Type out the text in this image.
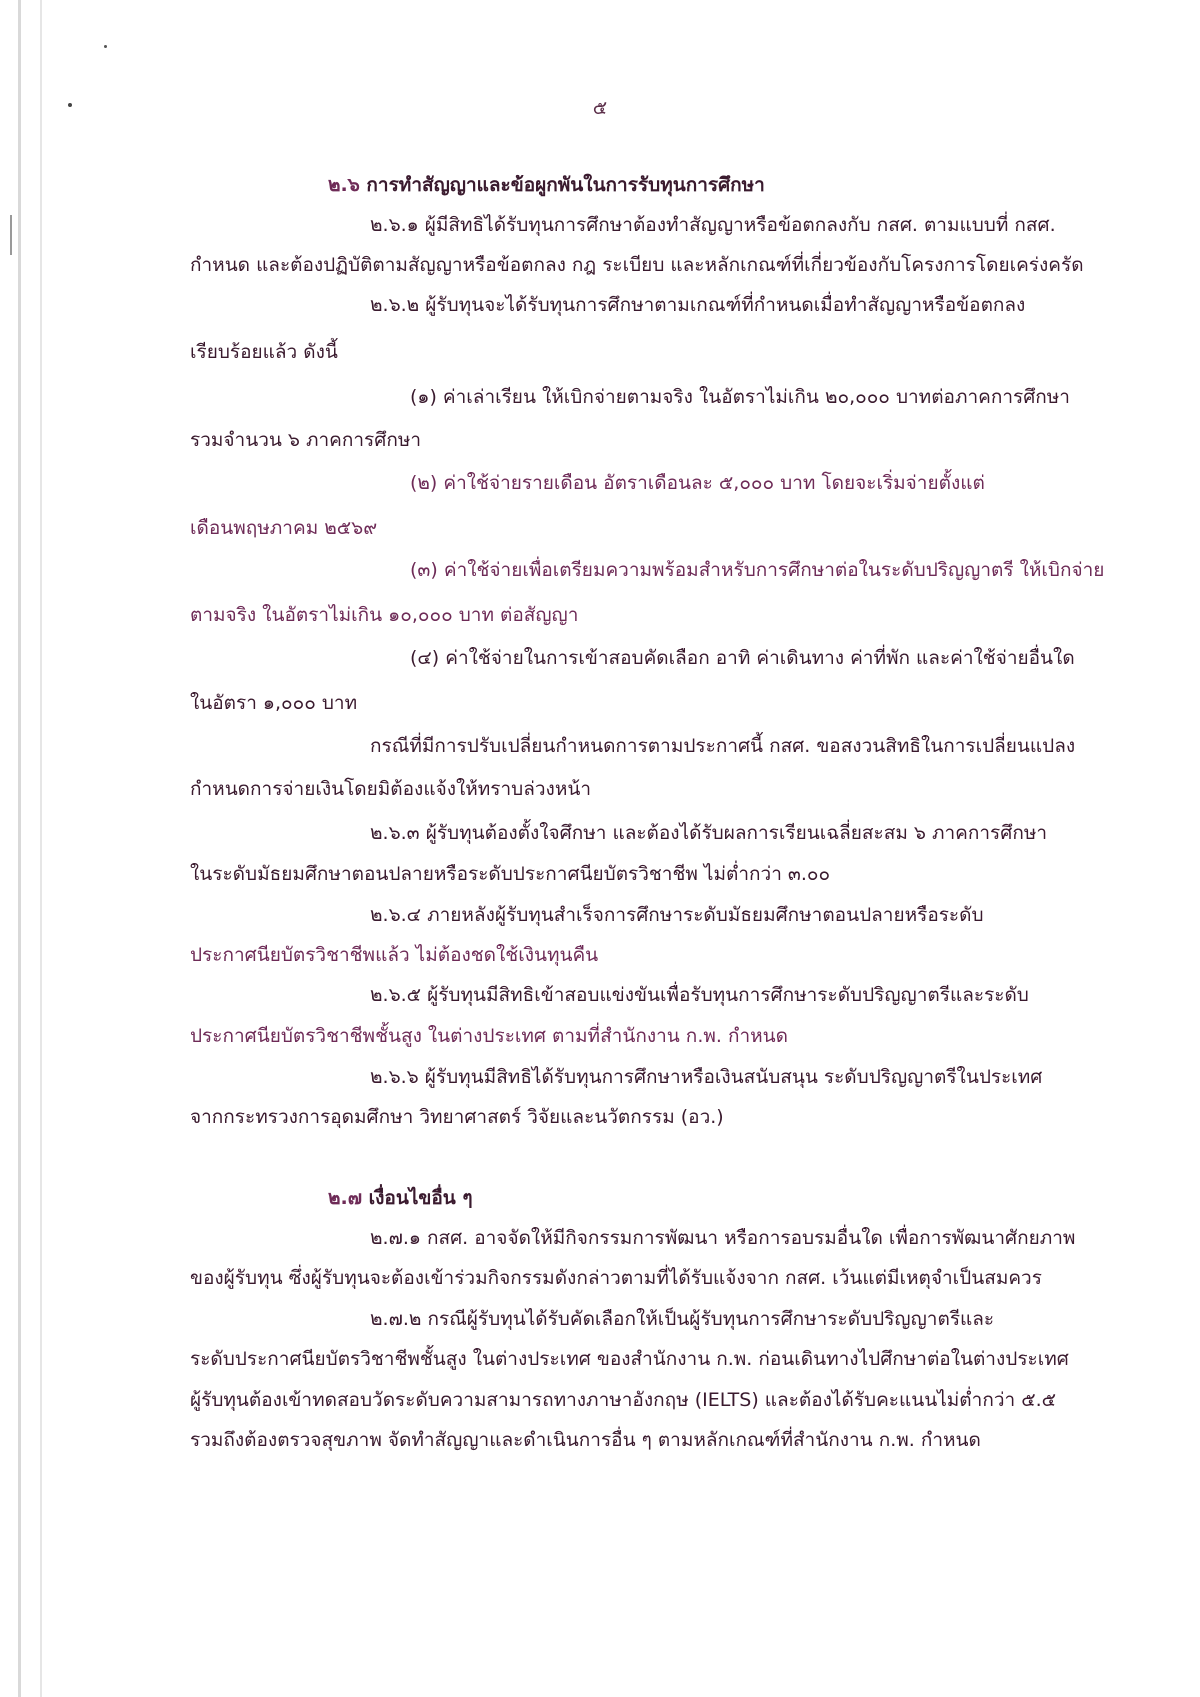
๕
๒.๖ การทำสัญญาและข้อผูกพันในการรับทุนการศึกษา
๒.๖.๑ ผู้มีสิทธิได้รับทุนการศึกษาต้องทำสัญญาหรือข้อตกลงกับ กสศ. ตามแบบที่ กสศ.
กำหนด และต้องปฏิบัติตามสัญญาหรือข้อตกลง กฎ ระเบียบ และหลักเกณฑ์ที่เกี่ยวข้องกับโครงการโดยเคร่งครัด
๒.๖.๒ ผู้รับทุนจะได้รับทุนการศึกษาตามเกณฑ์ที่กำหนดเมื่อทำสัญญาหรือข้อตกลง
เรียบร้อยแล้ว ดังนี้
(๑) ค่าเล่าเรียน ให้เบิกจ่ายตามจริง ในอัตราไม่เกิน ๒๐,๐๐๐ บาทต่อภาคการศึกษา
รวมจำนวน ๖ ภาคการศึกษา
(๒) ค่าใช้จ่ายรายเดือน อัตราเดือนละ ๕,๐๐๐ บาท โดยจะเริ่มจ่ายตั้งแต่
เดือนพฤษภาคม ๒๕๖๙
(๓) ค่าใช้จ่ายเพื่อเตรียมความพร้อมสำหรับการศึกษาต่อในระดับปริญญาตรี ให้เบิกจ่าย
ตามจริง ในอัตราไม่เกิน ๑๐,๐๐๐ บาท ต่อสัญญา
(๔) ค่าใช้จ่ายในการเข้าสอบคัดเลือก อาทิ ค่าเดินทาง ค่าที่พัก และค่าใช้จ่ายอื่นใด
ในอัตรา ๑,๐๐๐ บาท
กรณีที่มีการปรับเปลี่ยนกำหนดการตามประกาศนี้ กสศ. ขอสงวนสิทธิในการเปลี่ยนแปลง
กำหนดการจ่ายเงินโดยมิต้องแจ้งให้ทราบล่วงหน้า
๒.๖.๓ ผู้รับทุนต้องตั้งใจศึกษา และต้องได้รับผลการเรียนเฉลี่ยสะสม ๖ ภาคการศึกษา
ในระดับมัธยมศึกษาตอนปลายหรือระดับประกาศนียบัตรวิชาชีพ ไม่ต่ำกว่า ๓.๐๐
๒.๖.๔ ภายหลังผู้รับทุนสำเร็จการศึกษาระดับมัธยมศึกษาตอนปลายหรือระดับ
ประกาศนียบัตรวิชาชีพแล้ว ไม่ต้องชดใช้เงินทุนคืน
๒.๖.๕ ผู้รับทุนมีสิทธิเข้าสอบแข่งขันเพื่อรับทุนการศึกษาระดับปริญญาตรีและระดับ
ประกาศนียบัตรวิชาชีพชั้นสูง ในต่างประเทศ ตามที่สำนักงาน ก.พ. กำหนด
๒.๖.๖ ผู้รับทุนมีสิทธิได้รับทุนการศึกษาหรือเงินสนับสนุน ระดับปริญญาตรีในประเทศ
จากกระทรวงการอุดมศึกษา วิทยาศาสตร์ วิจัยและนวัตกรรม (อว.)
๒.๗ เงื่อนไขอื่น ๆ
๒.๗.๑ กสศ. อาจจัดให้มีกิจกรรมการพัฒนา หรือการอบรมอื่นใด เพื่อการพัฒนาศักยภาพ
ของผู้รับทุน ซึ่งผู้รับทุนจะต้องเข้าร่วมกิจกรรมดังกล่าวตามที่ได้รับแจ้งจาก กสศ. เว้นแต่มีเหตุจำเป็นสมควร
๒.๗.๒ กรณีผู้รับทุนได้รับคัดเลือกให้เป็นผู้รับทุนการศึกษาระดับปริญญาตรีและ
ระดับประกาศนียบัตรวิชาชีพชั้นสูง ในต่างประเทศ ของสำนักงาน ก.พ. ก่อนเดินทางไปศึกษาต่อในต่างประเทศ
ผู้รับทุนต้องเข้าทดสอบวัดระดับความสามารถทางภาษาอังกฤษ (IELTS) และต้องได้รับคะแนนไม่ต่ำกว่า ๕.๕
รวมถึงต้องตรวจสุขภาพ จัดทำสัญญาและดำเนินการอื่น ๆ ตามหลักเกณฑ์ที่สำนักงาน ก.พ. กำหนด
